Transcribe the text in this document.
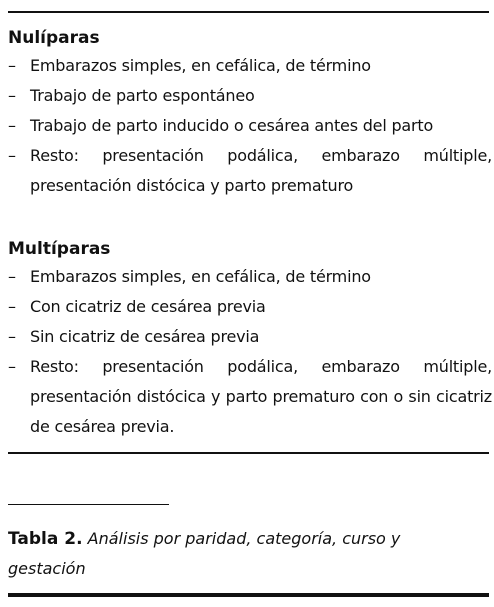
Nulíparas

– Embarazos simples, en cefálica, de término
– Trabajo de parto espontáneo
– Trabajo de parto inducido o cesárea antes del parto
– Resto: presentación podálica, embarazo múltiple, presentación distócica y parto prematuro

Multíparas

– Embarazos simples, en cefálica, de término
– Con cicatriz de cesárea previa
– Sin cicatriz de cesárea previa
– Resto: presentación podálica, embarazo múltiple, presentación distócica y parto prematuro con o sin cicatriz de cesárea previa.
Tabla 2. Análisis por paridad, categoría, curso y gestación
